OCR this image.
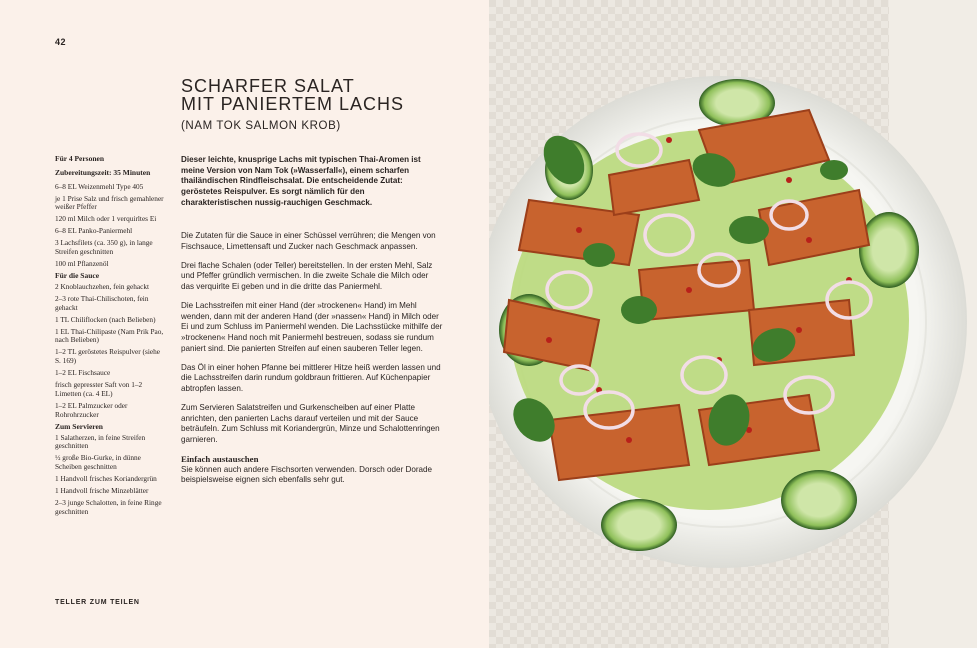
42
SCHARFER SALAT
MIT PANIERTEM LACHS
(NAM TOK SALMON KROB)
Für 4 Personen
Zubereitungszeit: 35 Minuten
6–8 EL Weizenmehl Type 405
je 1 Prise Salz und frisch gemahlener weißer Pfeffer
120 ml Milch oder 1 verquirltes Ei
6–8 EL Panko-Paniermehl
3 Lachsfilets (ca. 350 g), in lange Streifen geschnitten
100 ml Pflanzenöl
Für die Sauce
2 Knoblauchzehen, fein gehackt
2–3 rote Thai-Chilischoten, fein gehackt
1 TL Chiliflocken (nach Belieben)
1 EL Thai-Chilipaste (Nam Prik Pao, nach Belieben)
1–2 TL geröstetes Reispulver (siehe S. 169)
1–2 EL Fischsauce
frisch gepresster Saft von 1–2 Limetten (ca. 4 EL)
1–2 EL Palmzucker oder Rohrohrzucker
Zum Servieren
1 Salatherzen, in feine Streifen geschnitten
½ große Bio-Gurke, in dünne Scheiben geschnitten
1 Handvoll frisches Koriandergrün
1 Handvoll frische Minzeblätter
2–3 junge Schalotten, in feine Ringe geschnitten
Dieser leichte, knusprige Lachs mit typischen Thai-Aromen ist meine Version von Nam Tok (»Wasserfall«), einem scharfen thailändischen Rindfleischsalat. Die entscheidende Zutat: geröstetes Reispulver. Es sorgt nämlich für den charakteristischen nussig-rauchigen Geschmack.

Die Zutaten für die Sauce in einer Schüssel verrühren; die Mengen von Fischsauce, Limettensaft und Zucker nach Geschmack anpassen.

Drei flache Schalen (oder Teller) bereitstellen. In der ersten Mehl, Salz und Pfeffer gründlich vermischen. In die zweite Schale die Milch oder das verquirlte Ei geben und in die dritte das Paniermehl.

Die Lachsstreifen mit einer Hand (der »trockenen« Hand) im Mehl wenden, dann mit der anderen Hand (der »nassen« Hand) in Milch oder Ei und zum Schluss im Paniermehl wenden. Die Lachsstücke mithilfe der »trockenen« Hand noch mit Paniermehl bestreuen, sodass sie rundum paniert sind. Die panierten Streifen auf einen sauberen Teller legen.

Das Öl in einer hohen Pfanne bei mittlerer Hitze heiß werden lassen und die Lachsstreifen darin rundum goldbraun frittieren. Auf Küchenpapier abtropfen lassen.

Zum Servieren Salatstreifen und Gurkenscheiben auf einer Platte anrichten, den panierten Lachs darauf verteilen und mit der Sauce beträufeln. Zum Schluss mit Koriandergrün, Minze und Schalottenringen garnieren.

Einfach austauschen

Sie können auch andere Fischsorten verwenden. Dorsch oder Dorade beispielsweise eignen sich ebenfalls sehr gut.

TELLER ZUM TEILEN
